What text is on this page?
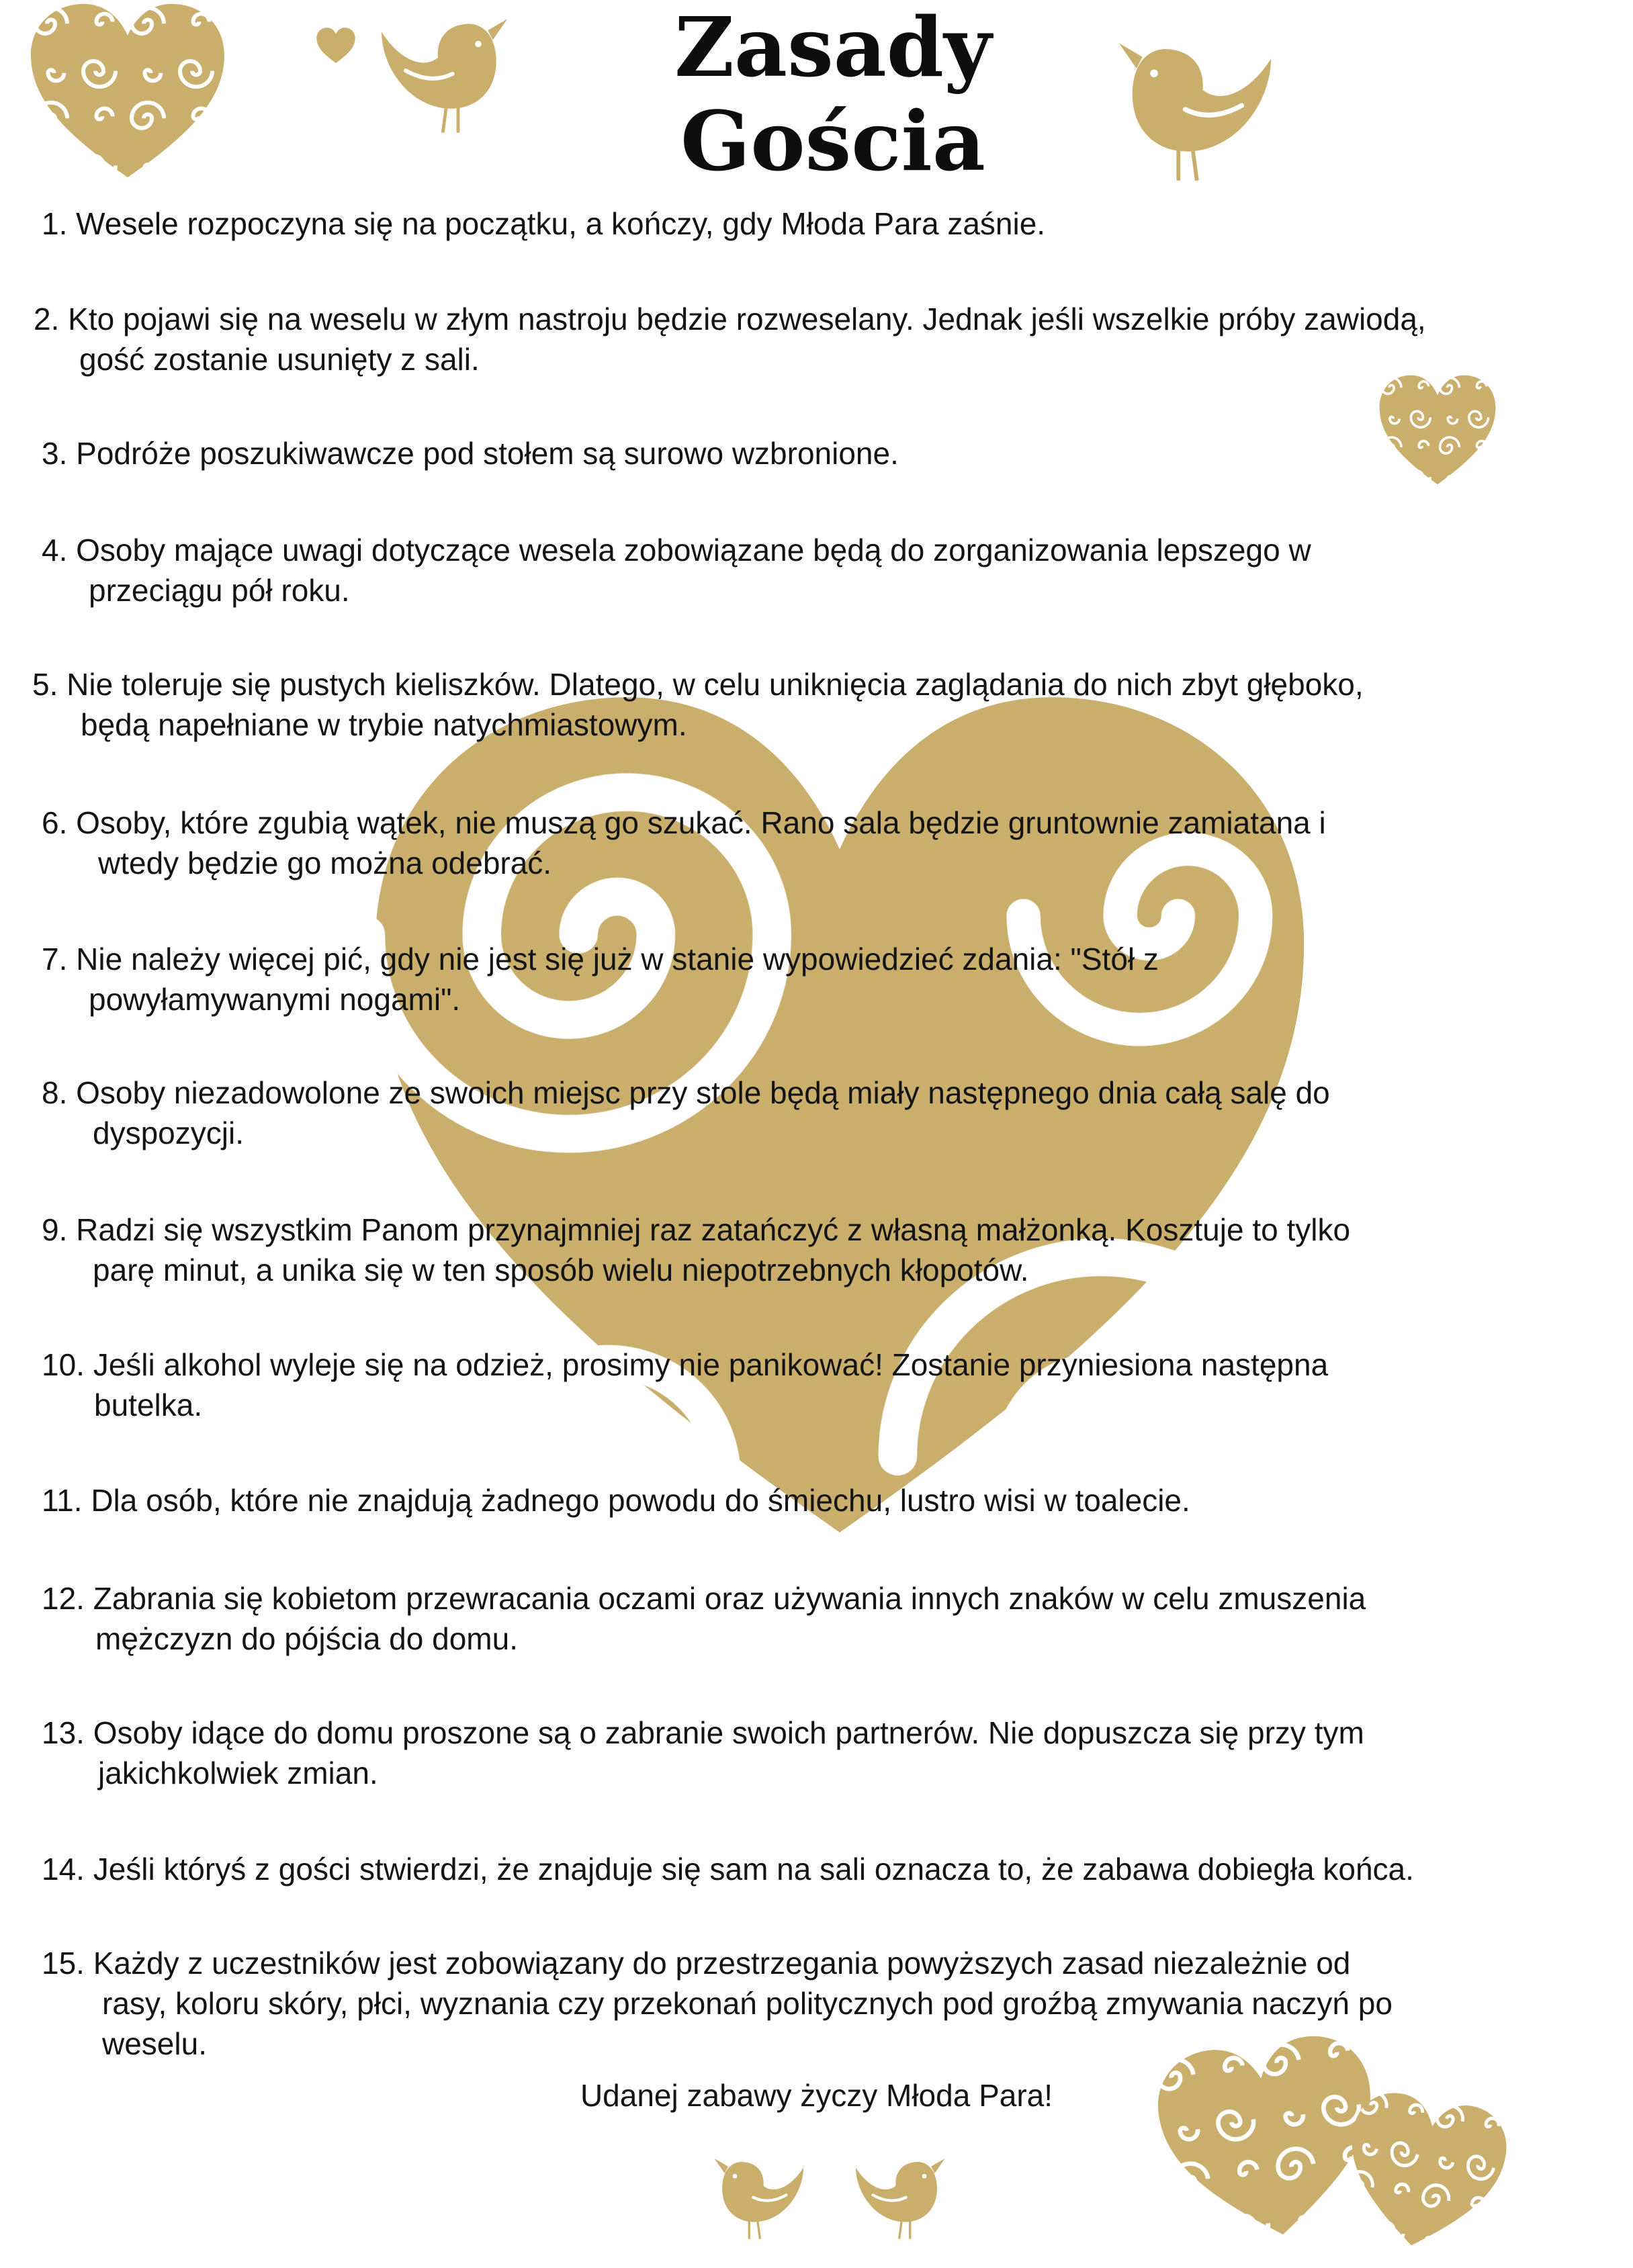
Zasady Gościa
1. Wesele rozpoczyna się na początku, a kończy, gdy Młoda Para zaśnie.
2. Kto pojawi się na weselu w złym nastroju będzie rozweselany. Jednak jeśli wszelkie próby zawiodą,
gość zostanie usunięty z sali.
3. Podróże poszukiwawcze pod stołem są surowo wzbronione.
4. Osoby mające uwagi dotyczące wesela zobowiązane będą do zorganizowania lepszego w
przeciągu pół roku.
5. Nie toleruje się pustych kieliszków. Dlatego, w celu uniknięcia zaglądania do nich zbyt głęboko,
będą napełniane w trybie natychmiastowym.
6. Osoby, które zgubią wątek, nie muszą go szukać. Rano sala będzie gruntownie zamiatana i
wtedy będzie go można odebrać.
7. Nie należy więcej pić, gdy nie jest się już w stanie wypowiedzieć zdania: "Stół z
powyłamywanymi nogami".
8. Osoby niezadowolone ze swoich miejsc przy stole będą miały następnego dnia całą salę do
dyspozycji.
9. Radzi się wszystkim Panom przynajmniej raz zatańczyć z własną małżonką. Kosztuje to tylko
parę minut, a unika się w ten sposób wielu niepotrzebnych kłopotów.
10. Jeśli alkohol wyleje się na odzież, prosimy nie panikować! Zostanie przyniesiona następna
butelka.
11. Dla osób, które nie znajdują żadnego powodu do śmiechu, lustro wisi w toalecie.
12. Zabrania się kobietom przewracania oczami oraz używania innych znaków w celu zmuszenia
mężczyzn do pójścia do domu.
13. Osoby idące do domu proszone są o zabranie swoich partnerów. Nie dopuszcza się przy tym
jakichkolwiek zmian.
14. Jeśli któryś z gości stwierdzi, że znajduje się sam na sali oznacza to, że zabawa dobiegła końca.
15. Każdy z uczestników jest zobowiązany do przestrzegania powyższych zasad niezależnie od
rasy, koloru skóry, płci, wyznania czy przekonań politycznych pod groźbą zmywania naczyń po
weselu.
Udanej zabawy życzy Młoda Para!
